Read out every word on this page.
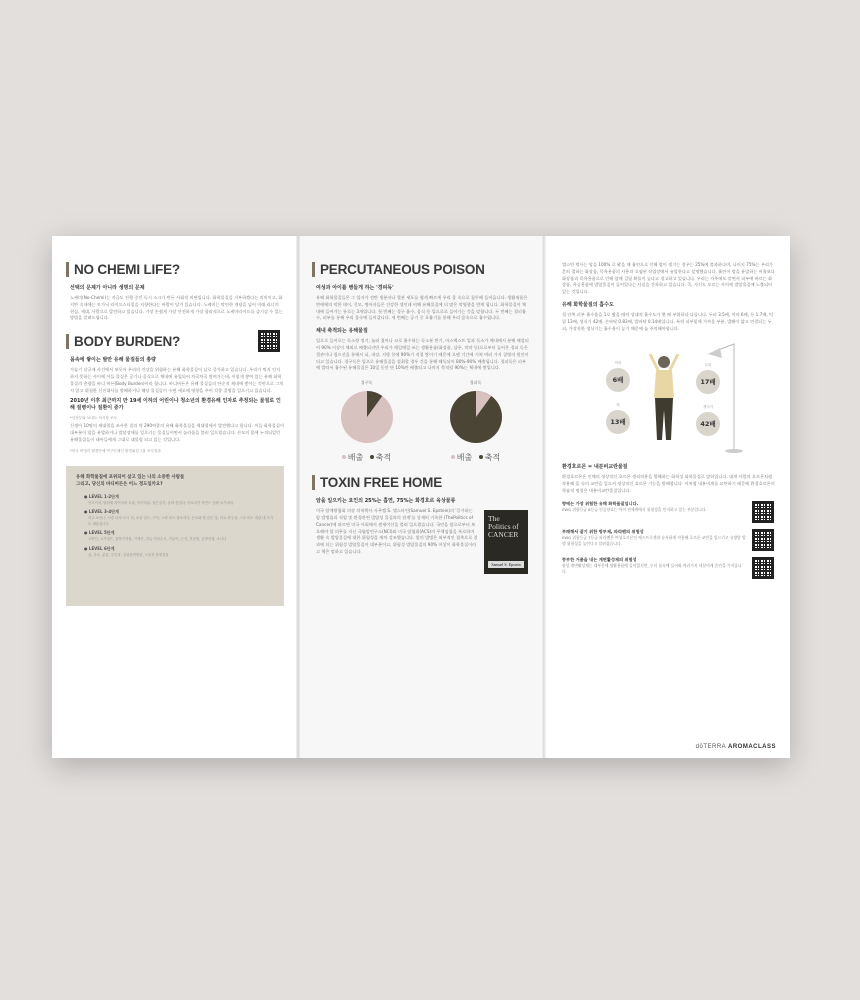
NO CHEMI LIFE?
선택의 문제가 아니라 생명의 문제
노케미(No-Chemi)는 지금도 진행 중인 독시 소크가 만든 사회적 비판입니다. 화학물질을 거부하겠다는 의미이고, 화지만 속내에는 모가닉 라이프스타일을 지향한다는 바람이 담겨 있습니다. 노케미는 막연한 개념을 넘어 미래 러너의 현실, 세대, 사람으로 발전하고 있습니다. 가장 손쉽게 가장 안전하게 가장 합리적으로 노케미라이프를 즐기실 수 있는 방법을 알려드립니다.
BODY BURDEN?
몸속에 쌓이는 발만 유해 물질들의 총량
가습기 살균제 사건에서 보듯이 우리의 건강을 위협하는 유해 화학물질이 날로 증가하고 있습니다. 우리가 먹지 인지하지 못하는 사이에 이들 물질은 공기나 음식으로 체내에 유입되어 차곡차곡 쌓여가는데, 이렇게 쌓여 있는 유해 화학물질의 총량을 바디 버든(Body Burden)이라 합니다. 바디버든은 유해 물질들의 단순적 제내에 쌓이는 것만으로 그치지 않고 위험한 신진대사를 방해하거나 해당 물질들이 수면 세포에 영향을 주어 각종 질병을 일으키고 있습니다.
2010년 이후 최근까지 만 19세 이하의 어린이나 청소년의 환경유해 인자로 추정되는 물질로 인해 질병이나 질환이 증가
*인정부와 보네트 의식장 조사
신생아 10명의 제대혈을 조사한 결과 약 290여종의 유해 화학물질을 제대혈에서 발견했다고 합니다. 이들 화학물질이 대부분이 암을 유발하거나 발달장애를 일으키는 물질들이면서 놀라움을 불러 일으켰습니다. 산모의 몸에 누적되었던 유해물질들이 태아들에게 그대로 대물림 되고 있는 것입니다.
*미국 비영리 환경단체 연구단체인 환경워킹그룹 조사결과
유해 화학물질에 포위되어 살고 있는 나의 소중한 사람들
그리고, 당신의 바디버든은 어느 정도일까요?
● LEVEL 1-2단계
인시키지, 탈취제 라이닝의 트롬, 아기의류, 얼은실기, 올바 종업다, 아로마가 자연드 등배 소가네의
● LEVEL 3-4단계
저주 보신나, 사중 마샤 모시 티, 소중 길드, 구이, 스렉 라크 정보자사, 은로와 법 같은 것, 라요 하우상, 스루 비도 네관 내 모기도 세출입니다
● LEVEL 5단계
고양인, 고기청은, 쥴하기자볼, 기계간, 건슈 이차수시, 이유이, 근식, 목공품, 공장전체, 소나나
● LEVEL 6단계
실, 자료, 분류, 투인과, 실험장면생물, 노동과 한재질물
PERCUTANEOUS POISON
여성과 아이를 병들게 하는 '경피독'
유해 화학물질들은 그 입자가 전반 생분자나 혈관 세포를 쉽게 빠르게 우리 몸 속으로 침투해 들어옵니다. 생활제품은 반에에의 악한 데이, 신모, 병아자들은 건강한 생인데 비해 유해물질에 더 많은 악영향을 받게 됩니다. 화학물질이 체내에 들어가는 통로는 3개입니다. 첫 번째는 경구 흡수, 음식 등 입으로로 들어가는 것을 말합니다. 두 번째는 경피흡수, 피부를 통해 우리 몸속에 들어갑니다. 세 번째는 공기 중 호흡기를 통해 우리 몸속으로 흡수됩니다.
체내 축적되는 유해물질
입으로 들어오는 독소량 정기, 눌러 졌어나 코로 흡수하는 독소분 반기, 마스팩스트 입과 독소가 체내에서 분해 배설되어 90% 이상이 체외로 배출되지만 우리가 매일매일 쓰는 생활용품(화장품, 샴푸, 치약 등)으로부터 들어온 경피 독은 혈관이나 림프선을 통해서 뇌, 내장, 지방 등에 90%가 직접 쌓이기 때문에 오랜 기간에 거쳐 여러 가지 질병의 원인이 되고 있습니다. 경구독은 입으로 유해물질을 섭취할 경우 간을 통해 해독되어 80%-90% 배출됩니다. 경피독은 피부에 발라서 흡수된 유해물질은 10일 동안 단 10%만 배출되고 나머지 축적될 90%는 체내에 쌓입니다.
경구독
배출 축적
경피독
배출 축적
TOXIN FREE HOME
암을 일으키는 요인의 25%는 흡연, 75%는 화경호르 육상물류
미국 암예방협회 의장 의학박사 사무엘 S. 앱스타인(Samuel S. Epstein)의 '증가하는 암 발병률과 직업 및 환경관련 발암성 물질과의 관계'를 상세히 기록한 (ThePolitics of Cancer)에 따르면 미국 사회에서 센세이션을 불러 일으켰습니다. 국민을 암으로부터 보호해야 할 의무를 지닌 국립암연구소(NCI)와 미국 암협회(ACS)의 무책임함을 폭로하며 생활 속 발암물질에 대한 위험성을 재차 강조했습니다. 암의 발병은 외부적인 접촉으로 결과에 되는 위험성 발암물질이 대부분이고, 위험성 발암물질의 90% 이상이 화학물질이라고 책은 말하고 있습니다.
The Politics of CANCER
Samuel S. Epstein
앱스탄 박사는 암을 100% 로 봤을 때 흡연으로 인해 암이 생기는 경우는 25%에 불과하다며, 나머지 75%는 우리가 흔히 접하는 화장품, 목욕용품의 사용과 오염된 작업장에서 유발한다고 설명했습니다. 흡연이 암을 유발하는 비율보다 화장품과 목욕용품으로 인해 암에 걸릴 확률이 높다고 경고하고 있습니다. 우리는 자주에도 알면서 피부에 바르는 화장품, 욕실용품에 발암물질이 들어있다는 사실을 간과하고 있습니다. 즉, 자신도 모르는 사이에 발암물질에 노출되어 있는 것입니다.
유해 화학물질의 흡수도
혈 안쪽 피부 흡수율을 1로 봤을 때의 상대적 흡수도가 몇 배 부위하다 다릅니다. 두피 3.5배, 이마 6배, 등 1.7배, 턱밑 13배, 생식기 42배, 손바닥 0.83배, 발바닥 0.14배입니다. 특히 피부밑에 가까운 부분, 발레이 얇고 연결되는 두피, 가장직한 생식기는 흡수율이 높기 때문에 늘 주의해야합니다.
이마
6배
두피
17배
턱
13배
생식기
42배
환경호르몬 = 내분비교란물질
환경호르몬은 인체의 정상적인 호르몬 생리작용을 방해하는 화학성 화학물질로 말하입니다. 대개 사람의 호르몬처럼 작용해 몸 속의 교란을 일으켜 정상적인 호르몬 기능을 방해합니다. 이처럼 내분비계를 교란하기 때문에 환경호르몬의 학술적 명칭은 내분비교란물질입니다.
향에는 가장 위험한 유해 화학물질입니다.
EWG 위험등급 8등급 인공향료는 아이 전세계에서 위험성을 인지하고 있는 부분입니다.
부패해서 잘기 위한 방부제, 파라벤의 위험성
EWG 위험등급 7등급 파라벤은 여성호르몬인 에스트로겐과 유사하게 작용해 호르몬 교란을 일으키고 유방암 발생 위험성을 높인다고 알려졌습니다.
풍부한 거품을 내는 계면활성제의 위험성
합성 계면활성제는 대부분에 생활용품에 들어있지만, 우리 몸속에 들어와 여러가지 내분비계 혼란을 가져옵니다.
dōTERRA AROMACLASS
